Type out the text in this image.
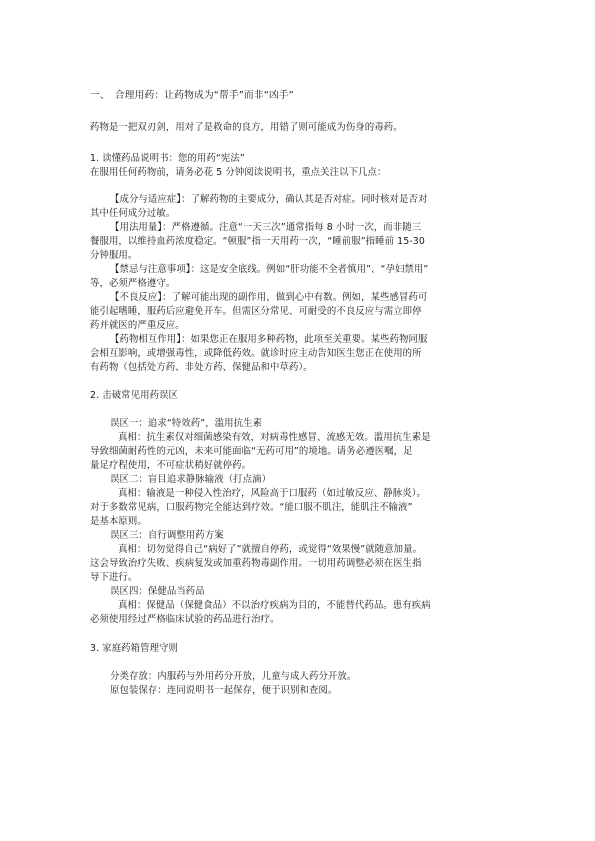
一、　合理用药：让药物成为“帮手”而非“凶手”
药物是一把双刃剑，用对了是救命的良方，用错了则可能成为伤身的毒药。
1. 读懂药品说明书：您的用药“宪法”
在服用任何药物前，请务必花 5 分钟阅读说明书，重点关注以下几点：
【成分与适应症】：了解药物的主要成分，确认其是否对症。同时核对是否对
其中任何成分过敏。
【用法用量】：严格遵循。注意“一天三次”通常指每 8 小时一次，而非随三
餐服用，以维持血药浓度稳定。“顿服”指一天用药一次，“睡前服”指睡前 15-30
分钟服用。
【禁忌与注意事项】：这是安全底线。例如“肝功能不全者慎用”、“孕妇禁用”
等，必须严格遵守。
【不良反应】：了解可能出现的副作用，做到心中有数。例如，某些感冒药可
能引起嗜睡，服药后应避免开车。但需区分常见、可耐受的不良反应与需立即停
药并就医的严重反应。
【药物相互作用】：如果您正在服用多种药物，此项至关重要。某些药物同服
会相互影响，或增强毒性，或降低药效。就诊时应主动告知医生您正在使用的所
有药物（包括处方药、非处方药、保健品和中草药）。
2. 击破常见用药误区
误区一：追求“特效药”，滥用抗生素
真相：抗生素仅对细菌感染有效，对病毒性感冒、流感无效。滥用抗生素是
导致细菌耐药性的元凶，未来可能面临“无药可用”的境地。请务必遵医嘱，足
量足疗程使用，不可症状稍好就停药。
误区二：盲目追求静脉输液（打点滴）
真相：输液是一种侵入性治疗，风险高于口服药（如过敏反应、静脉炎）。
对于多数常见病，口服药物完全能达到疗效。“能口服不肌注，能肌注不输液”
是基本原则。
误区三：自行调整用药方案
真相：切勿觉得自己“病好了”就擅自停药，或觉得“效果慢”就随意加量。
这会导致治疗失败、疾病复发或加重药物毒副作用。一切用药调整必须在医生指
导下进行。
误区四：保健品当药品
真相：保健品（保健食品）不以治疗疾病为目的，不能替代药品。患有疾病
必须使用经过严格临床试验的药品进行治疗。
3. 家庭药箱管理守则
分类存放：内服药与外用药分开放，儿童与成人药分开放。
原包装保存：连同说明书一起保存，便于识别和查阅。
